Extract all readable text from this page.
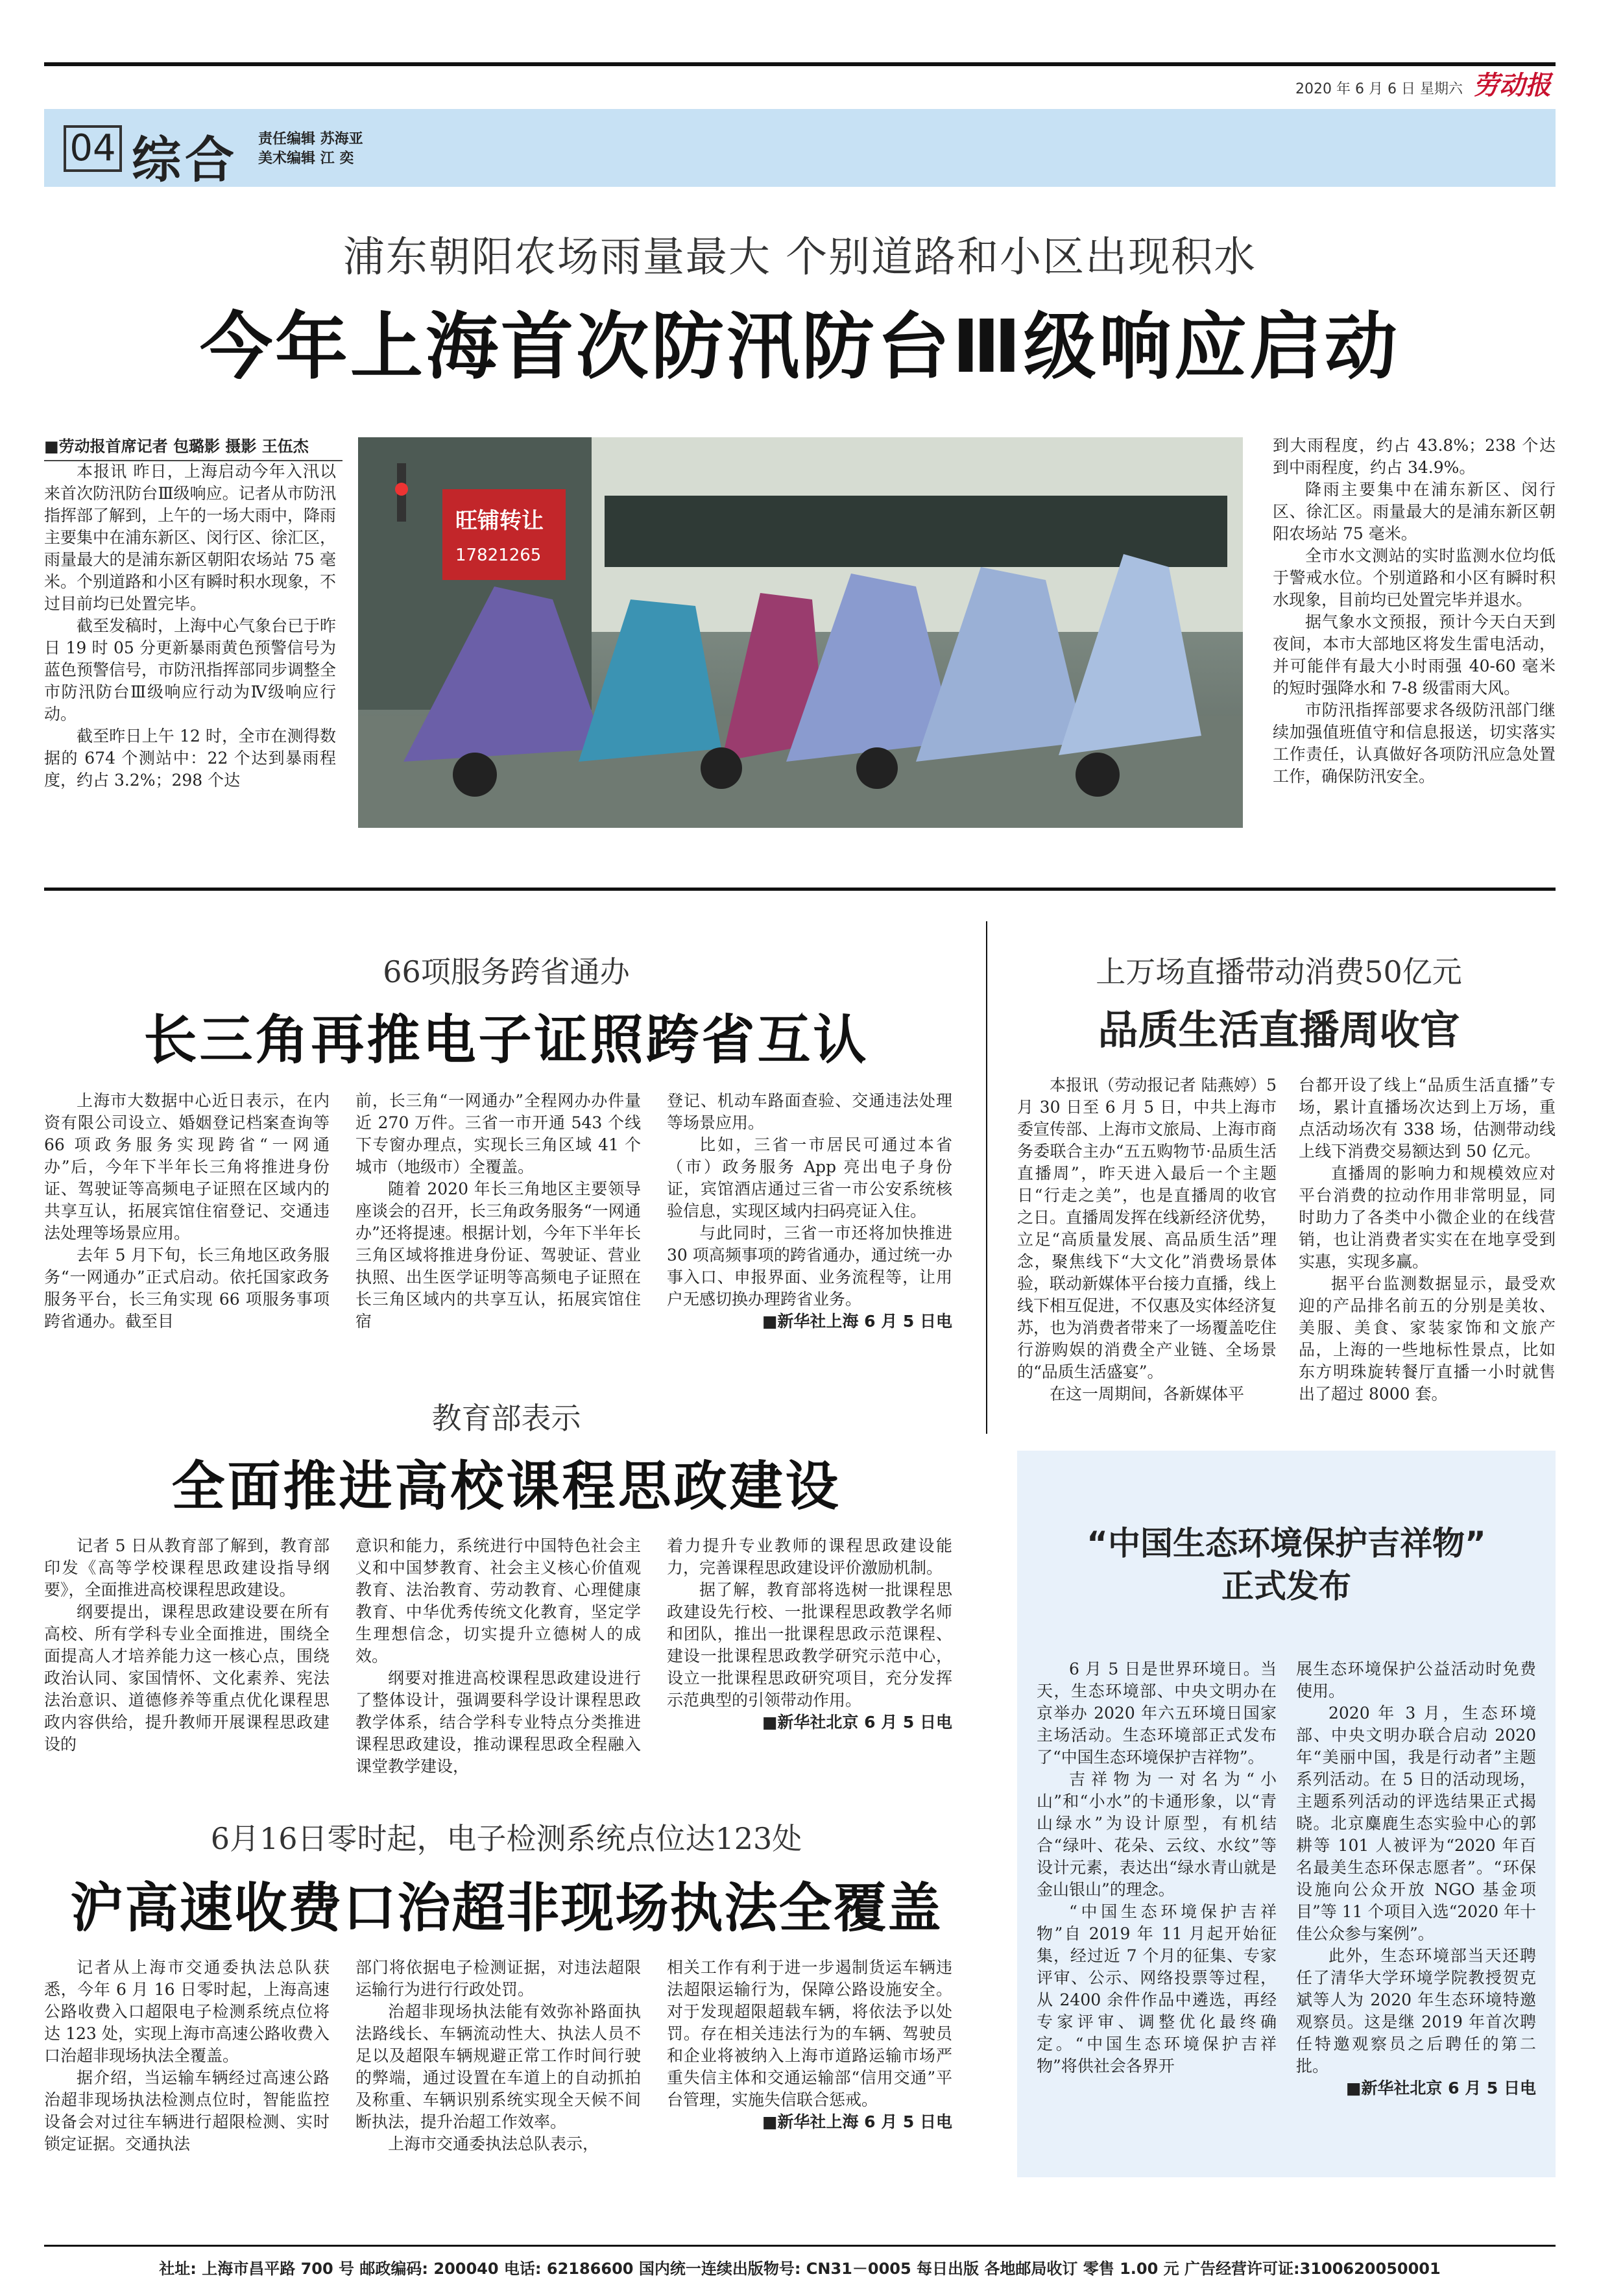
2020 年 6 月 6 日 星期六 劳动报
04 综合 责任编辑 苏海亚
美术编辑 江 奕
浦东朝阳农场雨量最大 个别道路和小区出现积水
今年上海首次防汛防台Ⅲ级响应启动
■劳动报首席记者 包璐影 摄影 王伍杰

本报讯 昨日，上海启动今年入汛以来首次防汛防台Ⅲ级响应。记者从市防汛指挥部了解到，上午的一场大雨中，降雨主要集中在浦东新区、闵行区、徐汇区，雨量最大的是浦东新区朝阳农场站 75 毫米。个别道路和小区有瞬时积水现象，不过目前均已处置完毕。

截至发稿时，上海中心气象台已于昨日 19 时 05 分更新暴雨黄色预警信号为蓝色预警信号，市防汛指挥部同步调整全市防汛防台Ⅲ级响应行动为Ⅳ级响应行动。

截至昨日上午 12 时，全市在测得数据的 674 个测站中：22 个达到暴雨程度，约占 3.2%；298 个达

旺铺转让
17821265

到大雨程度，约占 43.8%；238 个达到中雨程度，约占 34.9%。

降雨主要集中在浦东新区、闵行区、徐汇区。雨量最大的是浦东新区朝阳农场站 75 毫米。

全市水文测站的实时监测水位均低于警戒水位。个别道路和小区有瞬时积水现象，目前均已处置完毕并退水。

据气象水文预报，预计今天白天到夜间，本市大部地区将发生雷电活动，并可能伴有最大小时雨强 40-60 毫米的短时强降水和 7-8 级雷雨大风。

市防汛指挥部要求各级防汛部门继续加强值班值守和信息报送，切实落实工作责任，认真做好各项防汛应急处置工作，确保防汛安全。

66项服务跨省通办
长三角再推电子证照跨省互认

上海市大数据中心近日表示，在内资有限公司设立、婚姻登记档案查询等 66 项政务服务实现跨省“一网通办”后，今年下半年长三角将推进身份证、驾驶证等高频电子证照在区域内的共享互认，拓展宾馆住宿登记、交通违法处理等场景应用。

去年 5 月下旬，长三角地区政务服务“一网通办”正式启动。依托国家政务服务平台，长三角实现 66 项服务事项跨省通办。截至目

前，长三角“一网通办”全程网办办件量近 270 万件。三省一市开通 543 个线下专窗办理点，实现长三角区域 41 个城市（地级市）全覆盖。

随着 2020 年长三角地区主要领导座谈会的召开，长三角政务服务“一网通办”还将提速。根据计划，今年下半年长三角区域将推进身份证、驾驶证、营业执照、出生医学证明等高频电子证照在长三角区域内的共享互认，拓展宾馆住宿

登记、机动车路面查验、交通违法处理等场景应用。

比如，三省一市居民可通过本省（市）政务服务 App 亮出电子身份证，宾馆酒店通过三省一市公安系统核验信息，实现区域内扫码亮证入住。

与此同时，三省一市还将加快推进 30 项高频事项的跨省通办，通过统一办事入口、申报界面、业务流程等，让用户无感切换办理跨省业务。

■新华社上海 6 月 5 日电

上万场直播带动消费50亿元
品质生活直播周收官

本报讯（劳动报记者 陆燕婷）5 月 30 日至 6 月 5 日，中共上海市委宣传部、上海市文旅局、上海市商务委联合主办“五五购物节·品质生活直播周”，昨天进入最后一个主题日“行走之美”，也是直播周的收官之日。直播周发挥在线新经济优势，立足“高质量发展、高品质生活”理念，聚焦线下“大文化”消费场景体验，联动新媒体平台接力直播，线上线下相互促进，不仅惠及实体经济复苏，也为消费者带来了一场覆盖吃住行游购娱的消费全产业链、全场景的“品质生活盛宴”。

在这一周期间，各新媒体平

台都开设了线上“品质生活直播”专场，累计直播场次达到上万场，重点活动场次有 338 场，估测带动线上线下消费交易额达到 50 亿元。

直播周的影响力和规模效应对平台消费的拉动作用非常明显，同时助力了各类中小微企业的在线营销，也让消费者实实在在地享受到实惠，实现多赢。

据平台监测数据显示，最受欢迎的产品排名前五的分别是美妆、美服、美食、家装家饰和文旅产品，上海的一些地标性景点，比如东方明珠旋转餐厅直播一小时就售出了超过 8000 套。

教育部表示
全面推进高校课程思政建设

记者 5 日从教育部了解到，教育部印发《高等学校课程思政建设指导纲要》，全面推进高校课程思政建设。

纲要提出，课程思政建设要在所有高校、所有学科专业全面推进，围绕全面提高人才培养能力这一核心点，围绕政治认同、家国情怀、文化素养、宪法法治意识、道德修养等重点优化课程思政内容供给，提升教师开展课程思政建设的

意识和能力，系统进行中国特色社会主义和中国梦教育、社会主义核心价值观教育、法治教育、劳动教育、心理健康教育、中华优秀传统文化教育，坚定学生理想信念，切实提升立德树人的成效。

纲要对推进高校课程思政建设进行了整体设计，强调要科学设计课程思政教学体系，结合学科专业特点分类推进课程思政建设，推动课程思政全程融入课堂教学建设，

着力提升专业教师的课程思政建设能力，完善课程思政建设评价激励机制。

据了解，教育部将选树一批课程思政建设先行校、一批课程思政教学名师和团队，推出一批课程思政示范课程、建设一批课程思政教学研究示范中心，设立一批课程思政研究项目，充分发挥示范典型的引领带动作用。

■新华社北京 6 月 5 日电

“中国生态环境保护吉祥物”
正式发布

6 月 5 日是世界环境日。当天，生态环境部、中央文明办在京举办 2020 年六五环境日国家主场活动。生态环境部正式发布了“中国生态环境保护吉祥物”。

吉祥物为一对名为“小山”和“小水”的卡通形象，以“青山绿水”为设计原型，有机结合“绿叶、花朵、云纹、水纹”等设计元素，表达出“绿水青山就是金山银山”的理念。

“中国生态环境保护吉祥物”自 2019 年 11 月起开始征集，经过近 7 个月的征集、专家评审、公示、网络投票等过程，从 2400 余件作品中遴选，再经专家评审、调整优化最终确定。“中国生态环境保护吉祥物”将供社会各界开

展生态环境保护公益活动时免费使用。

2020 年 3 月，生态环境部、中央文明办联合启动 2020 年“美丽中国，我是行动者”主题系列活动。在 5 日的活动现场，主题系列活动的评选结果正式揭晓。北京麋鹿生态实验中心的郭耕等 101 人被评为“2020 年百名最美生态环保志愿者”。“环保设施向公众开放 NGO 基金项目”等 11 个项目入选“2020 年十佳公众参与案例”。

此外，生态环境部当天还聘任了清华大学环境学院教授贺克斌等人为 2020 年生态环境特邀观察员。这是继 2019 年首次聘任特邀观察员之后聘任的第二批。

■新华社北京 6 月 5 日电

6月16日零时起，电子检测系统点位达123处
沪高速收费口治超非现场执法全覆盖

记者从上海市交通委执法总队获悉，今年 6 月 16 日零时起，上海高速公路收费入口超限电子检测系统点位将达 123 处，实现上海市高速公路收费入口治超非现场执法全覆盖。

据介绍，当运输车辆经过高速公路治超非现场执法检测点位时，智能监控设备会对过往车辆进行超限检测、实时锁定证据。交通执法

部门将依据电子检测证据，对违法超限运输行为进行行政处罚。

治超非现场执法能有效弥补路面执法路线长、车辆流动性大、执法人员不足以及超限车辆规避正常工作时间行驶的弊端，通过设置在车道上的自动抓拍及称重、车辆识别系统实现全天候不间断执法，提升治超工作效率。

上海市交通委执法总队表示，

相关工作有利于进一步遏制货运车辆违法超限运输行为，保障公路设施安全。对于发现超限超载车辆，将依法予以处罚。存在相关违法行为的车辆、驾驶员和企业将被纳入上海市道路运输市场严重失信主体和交通运输部“信用交通”平台管理，实施失信联合惩戒。

■新华社上海 6 月 5 日电

社址: 上海市昌平路 700 号 邮政编码: 200040 电话: 62186600 国内统一连续出版物号: CN31－0005 每日出版 各地邮局收订 零售 1.00 元 广告经营许可证:3100620050001
